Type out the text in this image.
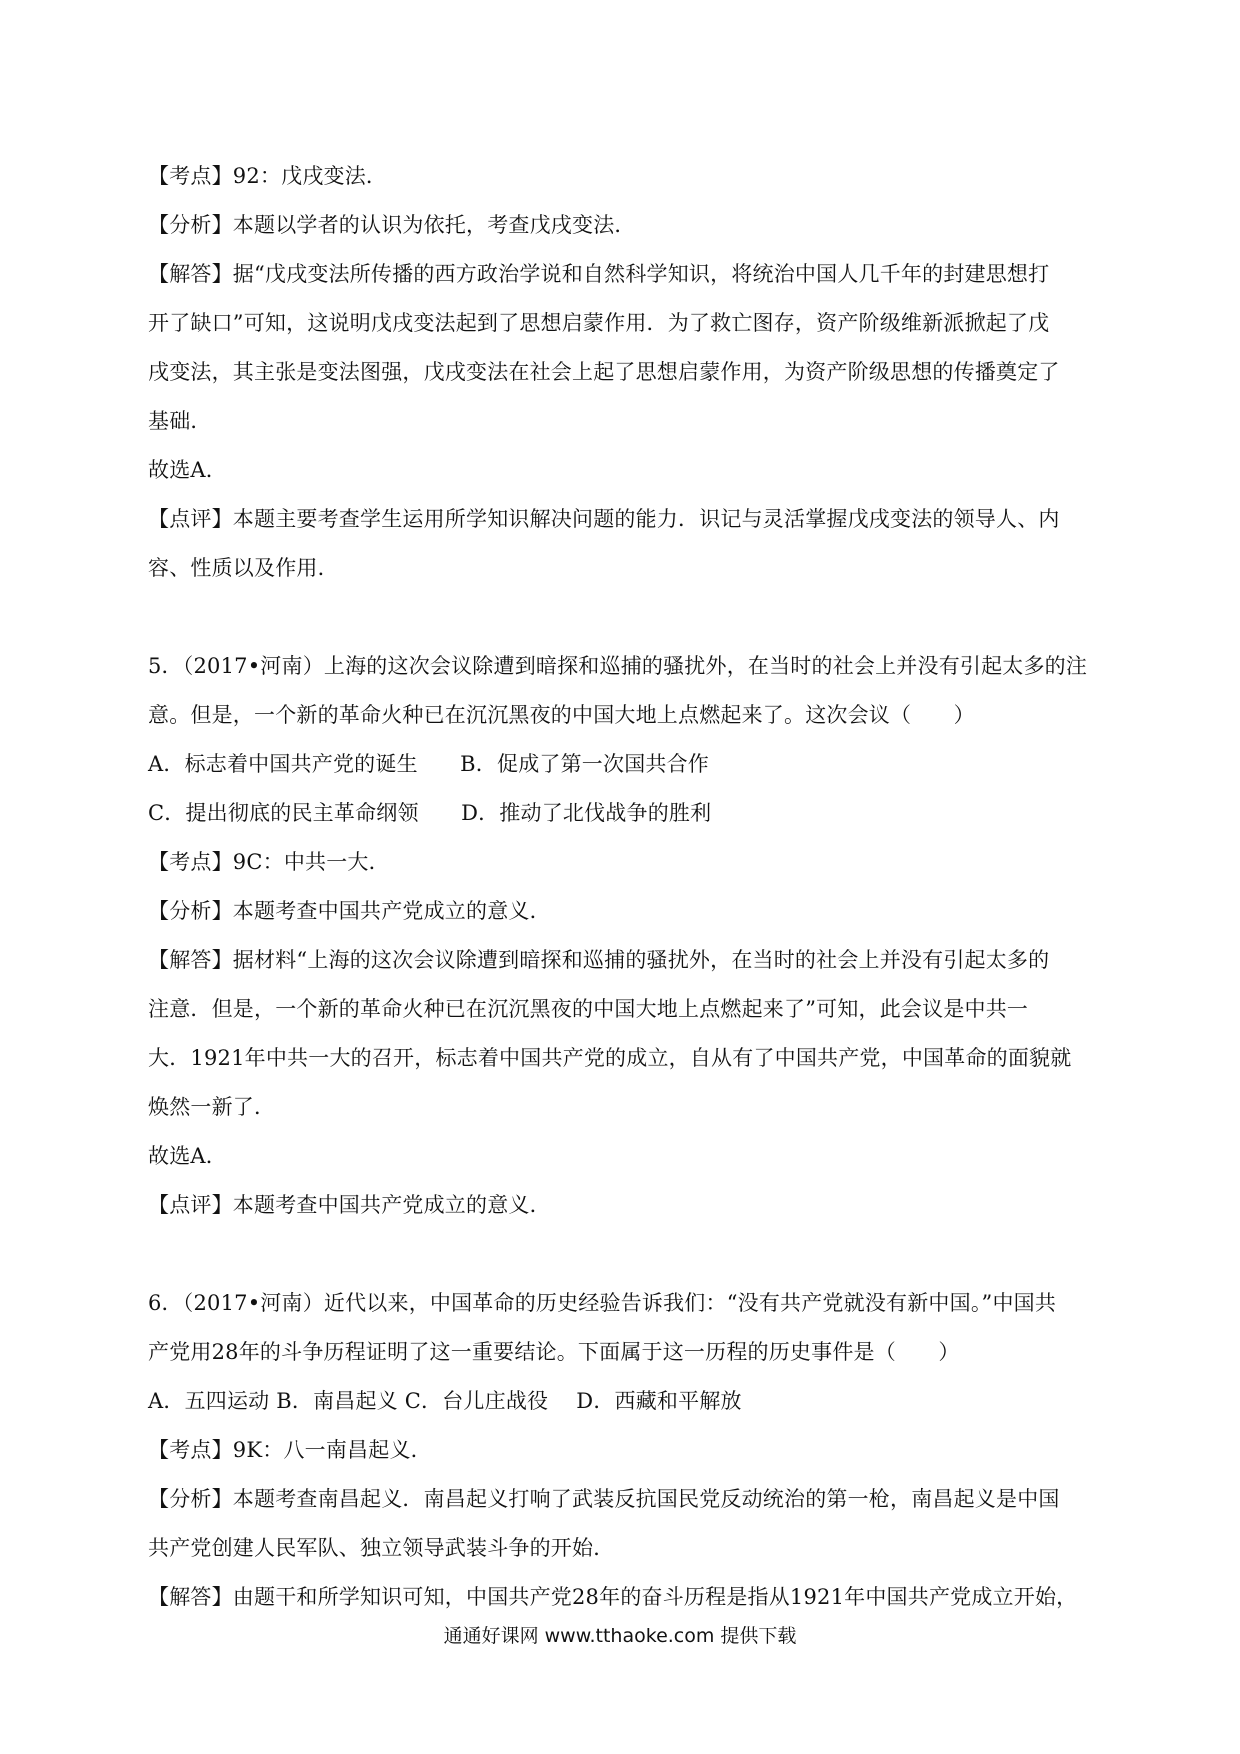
【考点】92：戊戌变法．
【分析】本题以学者的认识为依托，考查戊戌变法．
【解答】据“戊戌变法所传播的西方政治学说和自然科学知识，将统治中国人几千年的封建思想打
开了缺口”可知，这说明戊戌变法起到了思想启蒙作用．为了救亡图存，资产阶级维新派掀起了戊
戌变法，其主张是变法图强，戊戌变法在社会上起了思想启蒙作用，为资产阶级思想的传播奠定了
基础．
故选A．
【点评】本题主要考查学生运用所学知识解决问题的能力．识记与灵活掌握戊戌变法的领导人、内
容、性质以及作用．
5．（2017•河南）上海的这次会议除遭到暗探和巡捕的骚扰外，在当时的社会上并没有引起太多的注
意。但是，一个新的革命火种已在沉沉黑夜的中国大地上点燃起来了。这次会议（　　）
A．标志着中国共产党的诞生　　B．促成了第一次国共合作
C．提出彻底的民主革命纲领　　D．推动了北伐战争的胜利
【考点】9C：中共一大．
【分析】本题考查中国共产党成立的意义．
【解答】据材料“上海的这次会议除遭到暗探和巡捕的骚扰外，在当时的社会上并没有引起太多的
注意．但是，一个新的革命火种已在沉沉黑夜的中国大地上点燃起来了”可知，此会议是中共一
大．1921年中共一大的召开，标志着中国共产党的成立，自从有了中国共产党，中国革命的面貌就
焕然一新了．
故选A．
【点评】本题考查中国共产党成立的意义．
6．（2017•河南）近代以来，中国革命的历史经验告诉我们：“没有共产党就没有新中国。”中国共
产党用28年的斗争历程证明了这一重要结论。下面属于这一历程的历史事件是（　　）
A．五四运动 B．南昌起义 C．台儿庄战役　 D．西藏和平解放
【考点】9K：八一南昌起义．
【分析】本题考查南昌起义．南昌起义打响了武装反抗国民党反动统治的第一枪，南昌起义是中国
共产党创建人民军队、独立领导武装斗争的开始．
【解答】由题干和所学知识可知，中国共产党28年的奋斗历程是指从1921年中国共产党成立开始，
通通好课网 www.tthaoke.com 提供下载
